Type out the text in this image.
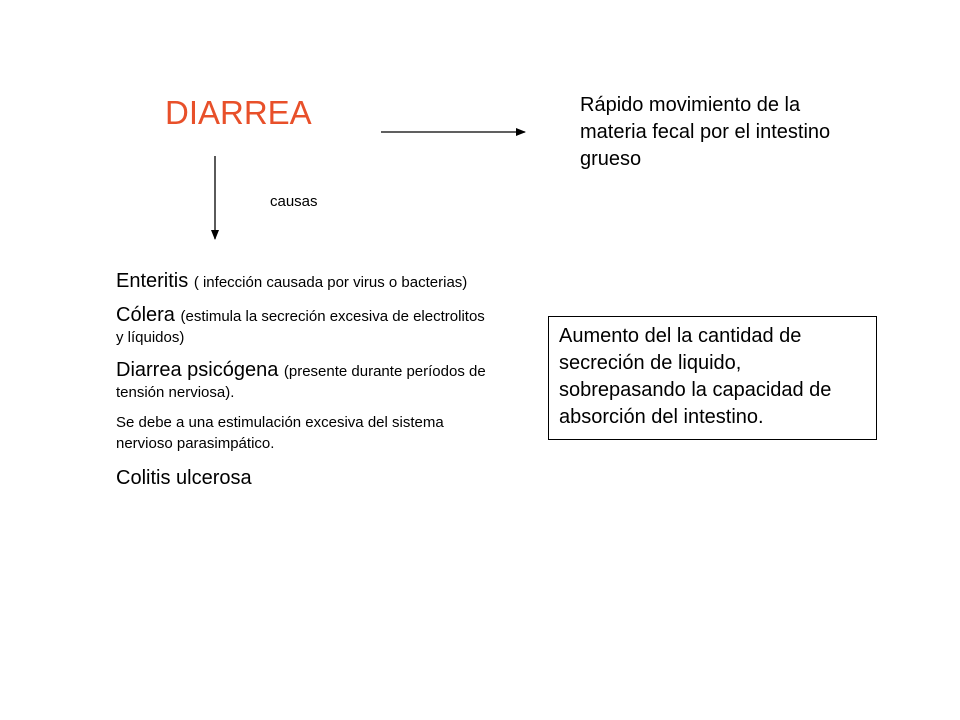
DIARREA	Rápido movimiento de la materia fecal por el intestino grueso
causas
Enteritis ( infección causada por virus o bacterias)
Cólera (estimula la secreción excesiva de electrolitos y líquidos)
Diarrea psicógena (presente durante períodos de tensión nerviosa).
Se debe a una estimulación excesiva del sistema nervioso parasimpático.
Colitis ulcerosa
Aumento del la cantidad de secreción de liquido, sobrepasando la capacidad de absorción del intestino.
